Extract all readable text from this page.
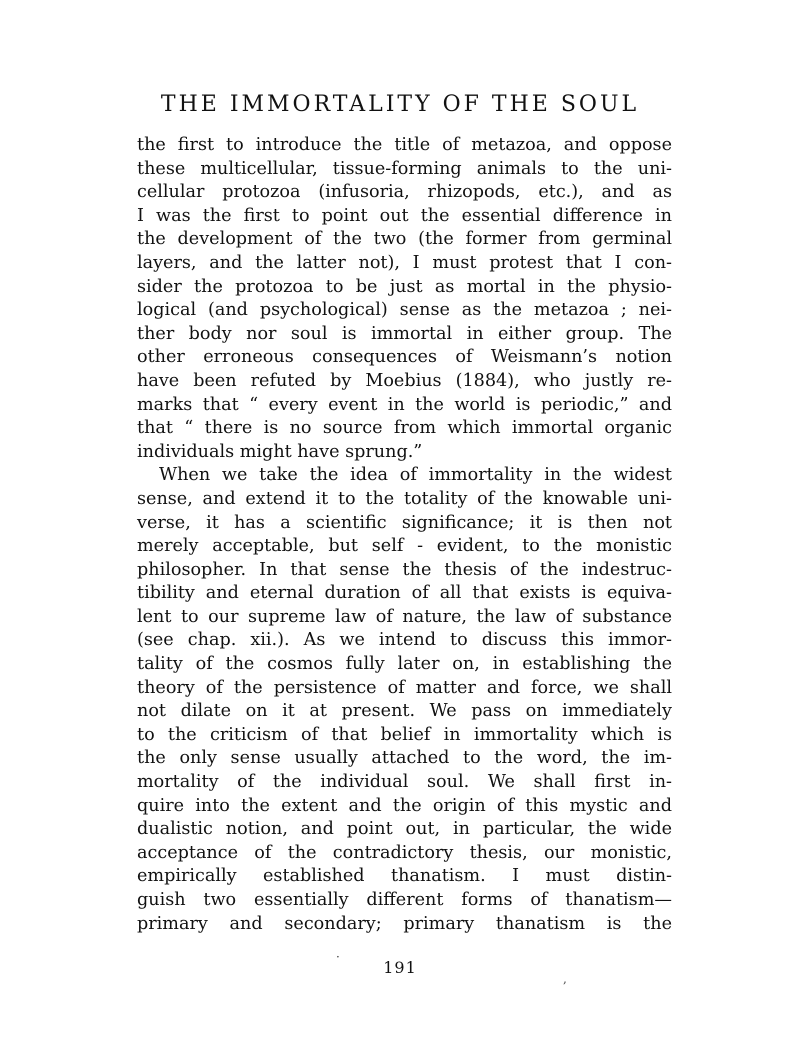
THE IMMORTALITY OF THE SOUL
the first to introduce the title of metazoa, and oppose
these multicellular, tissue-forming animals to the uni-
cellular protozoa (infusoria, rhizopods, etc.), and as
I was the first to point out the essential difference in
the development of the two (the former from germinal
layers, and the latter not), I must protest that I con-
sider the protozoa to be just as mortal in the physio-
logical (and psychological) sense as the metazoa ; nei-
ther body nor soul is immortal in either group. The
other erroneous consequences of Weismann’s notion
have been refuted by Moebius (1884), who justly re-
marks that “ every event in the world is periodic,” and
that “ there is no source from which immortal organic
individuals might have sprung.”
When we take the idea of immortality in the widest
sense, and extend it to the totality of the knowable uni-
verse, it has a scientific significance; it is then not
merely acceptable, but self - evident, to the monistic
philosopher. In that sense the thesis of the indestruc-
tibility and eternal duration of all that exists is equiva-
lent to our supreme law of nature, the law of substance
(see chap. xii.). As we intend to discuss this immor-
tality of the cosmos fully later on, in establishing the
theory of the persistence of matter and force, we shall
not dilate on it at present. We pass on immediately
to the criticism of that belief in immortality which is
the only sense usually attached to the word, the im-
mortality of the individual soul. We shall first in-
quire into the extent and the origin of this mystic and
dualistic notion, and point out, in particular, the wide
acceptance of the contradictory thesis, our monistic,
empirically established thanatism. I must distin-
guish two essentially different forms of thanatism—
primary and secondary; primary thanatism is the
191
·
,
